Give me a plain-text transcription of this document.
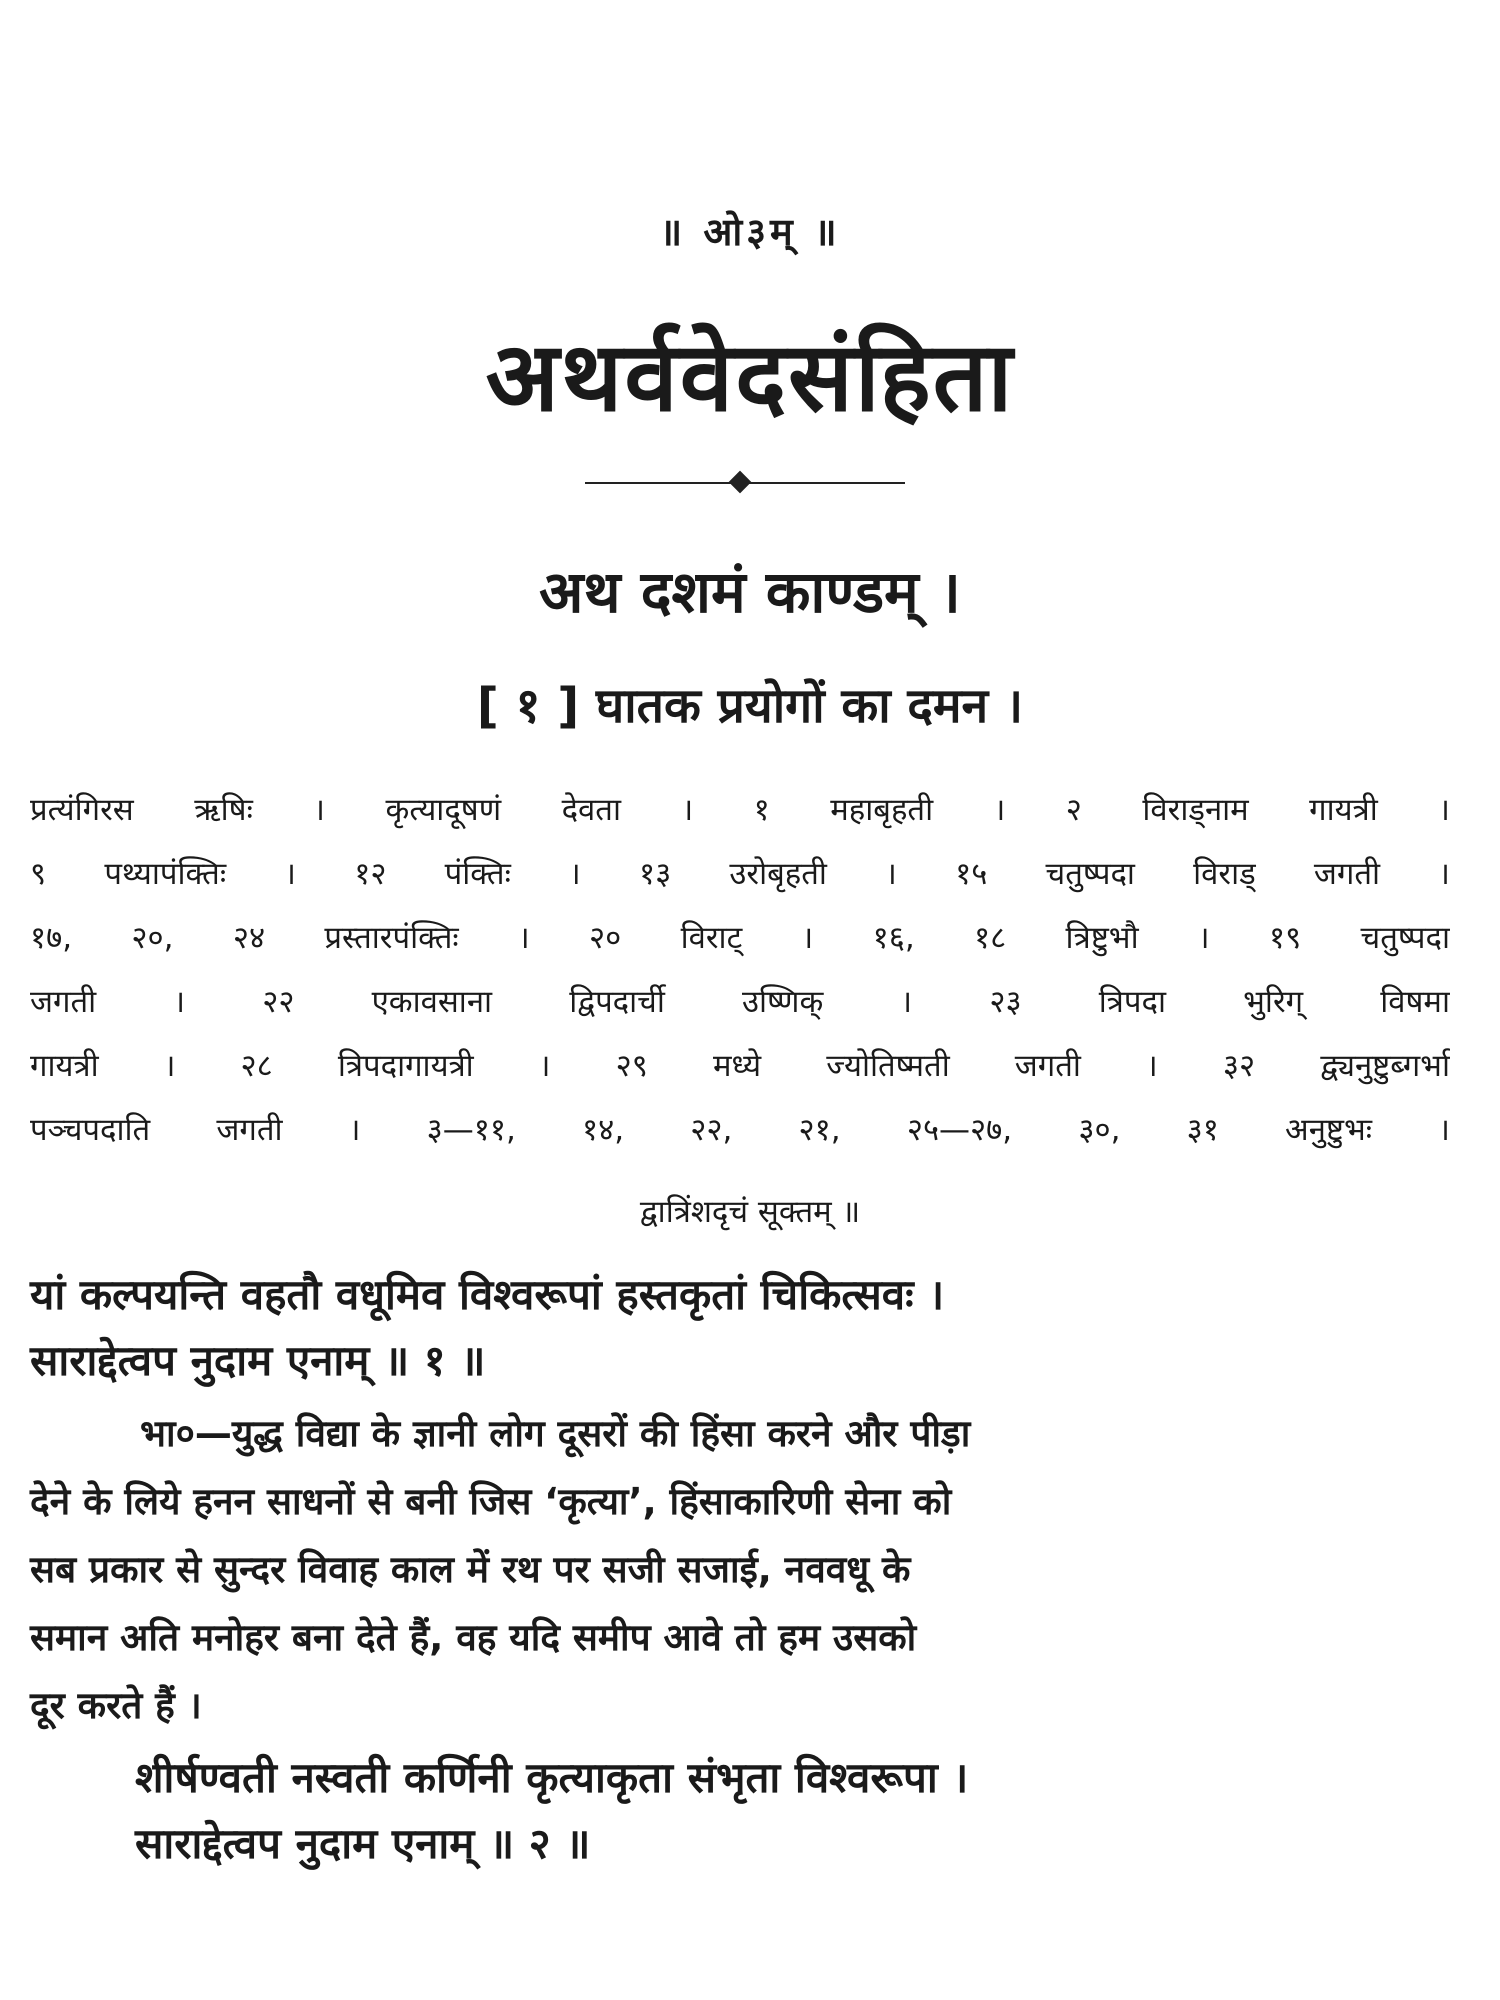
॥ ओ३म् ॥
अथर्ववेदसंहिता
अथ दशमं काण्डम् ।
[ १ ] घातक प्रयोगों का दमन ।
प्रत्यंगिरस ऋषिः । कृत्यादूषणं देवता । १ महाबृहती । २ विराड्नाम गायत्री ।
९ पथ्यापंक्तिः । १२ पंक्तिः । १३ उरोबृहती । १५ चतुष्पदा विराड् जगती ।
१७, २०, २४ प्रस्तारपंक्तिः । २० विराट् । १६, १८ त्रिष्टुभौ । १९ चतुष्पदा
जगती । २२ एकावसाना द्विपदार्ची उष्णिक् । २३ त्रिपदा भुरिग् विषमा
गायत्री । २८ त्रिपदागायत्री । २९ मध्ये ज्योतिष्मती जगती । ३२ द्व्यनुष्टुब्गर्भा
पञ्चपदाति जगती । ३—११, १४, २२, २१, २५—२७, ३०, ३१ अनुष्टुभः ।
द्वात्रिंशदृचं सूक्तम् ॥
यां कल्पयन्ति वहतौ वधूमिव विश्वरूपां हस्तकृतां चिकित्सवः ।
साराद्देत्वप नुदाम एनाम् ॥ १ ॥
भा०—युद्ध विद्या के ज्ञानी लोग दूसरों की हिंसा करने और पीड़ा
देने के लिये हनन साधनों से बनी जिस ‘कृत्या’, हिंसाकारिणी सेना को
सब प्रकार से सुन्दर विवाह काल में रथ पर सजी सजाई, नववधू के
समान अति मनोहर बना देते हैं, वह यदि समीप आवे तो हम उसको
दूर करते हैं ।
शीर्षण्वती नस्वती कर्णिनी कृत्याकृता संभृता विश्वरूपा ।
साराद्देत्वप नुदाम एनाम् ॥ २ ॥
